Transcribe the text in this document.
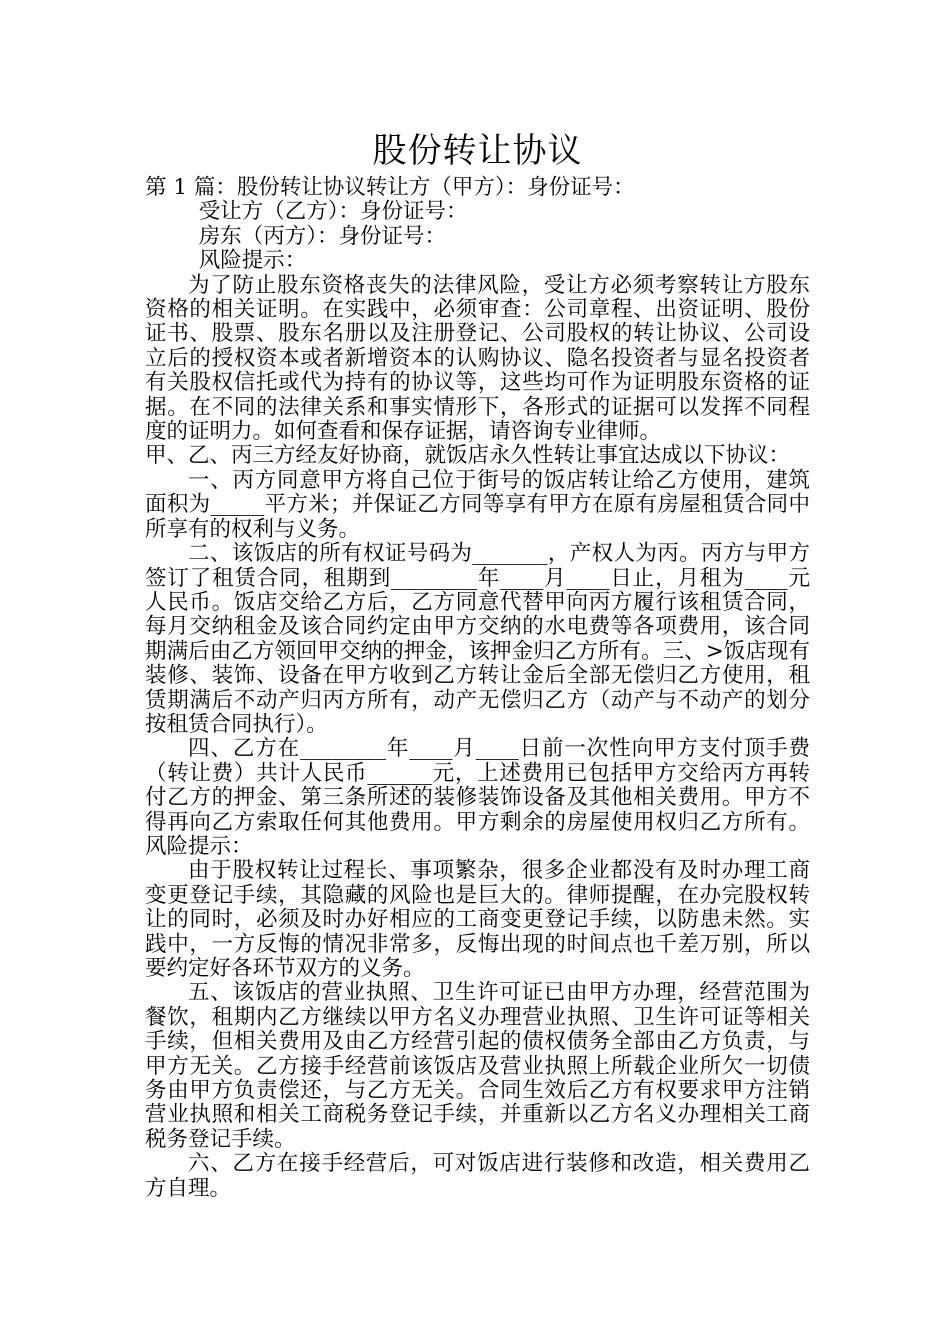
股份转让协议

第 1 篇：股份转让协议转让方（甲方）：身份证号：

受让方（乙方）：身份证号：

房东（丙方）：身份证号：

风险提示：

为了防止股东资格丧失的法律风险，受让方必须考察转让方股东资格的相关证明。在实践中，必须审查：公司章程、出资证明、股份证书、股票、股东名册以及注册登记、公司股权的转让协议、公司设立后的授权资本或者新增资本的认购协议、隐名投资者与显名投资者有关股权信托或代为持有的协议等，这些均可作为证明股东资格的证据。在不同的法律关系和事实情形下，各形式的证据可以发挥不同程度的证明力。如何查看和保存证据，请咨询专业律师。

甲、乙、丙三方经友好协商，就饭店永久性转让事宜达成以下协议：

一、丙方同意甲方将自己位于街号的饭店转让给乙方使用，建筑面积为_____平方米；并保证乙方同等享有甲方在原有房屋租赁合同中所享有的权利与义务。

二、该饭店的所有权证号码为_______，产权人为丙。丙方与甲方签订了租赁合同，租期到________年____月____日止，月租为____元人民币。饭店交给乙方后，乙方同意代替甲向丙方履行该租赁合同，每月交纳租金及该合同约定由甲方交纳的水电费等各项费用，该合同期满后由乙方领回甲交纳的押金，该押金归乙方所有。三、>饭店现有装修、装饰、设备在甲方收到乙方转让金后全部无偿归乙方使用，租赁期满后不动产归丙方所有，动产无偿归乙方（动产与不动产的划分按租赁合同执行）。

四、乙方在________年____月____日前一次性向甲方支付顶手费（转让费）共计人民币______元，上述费用已包括甲方交给丙方再转付乙方的押金、第三条所述的装修装饰设备及其他相关费用。甲方不得再向乙方索取任何其他费用。甲方剩余的房屋使用权归乙方所有。风险提示：

由于股权转让过程长、事项繁杂，很多企业都没有及时办理工商变更登记手续，其隐藏的风险也是巨大的。律师提醒，在办完股权转让的同时，必须及时办好相应的工商变更登记手续，以防患未然。实践中，一方反悔的情况非常多，反悔出现的时间点也千差万别，所以要约定好各环节双方的义务。

五、该饭店的营业执照、卫生许可证已由甲方办理，经营范围为餐饮，租期内乙方继续以甲方名义办理营业执照、卫生许可证等相关手续，但相关费用及由乙方经营引起的债权债务全部由乙方负责，与甲方无关。乙方接手经营前该饭店及营业执照上所载企业所欠一切债务由甲方负责偿还，与乙方无关。合同生效后乙方有权要求甲方注销营业执照和相关工商税务登记手续，并重新以乙方名义办理相关工商税务登记手续。

六、乙方在接手经营后，可对饭店进行装修和改造，相关费用乙方自理。
